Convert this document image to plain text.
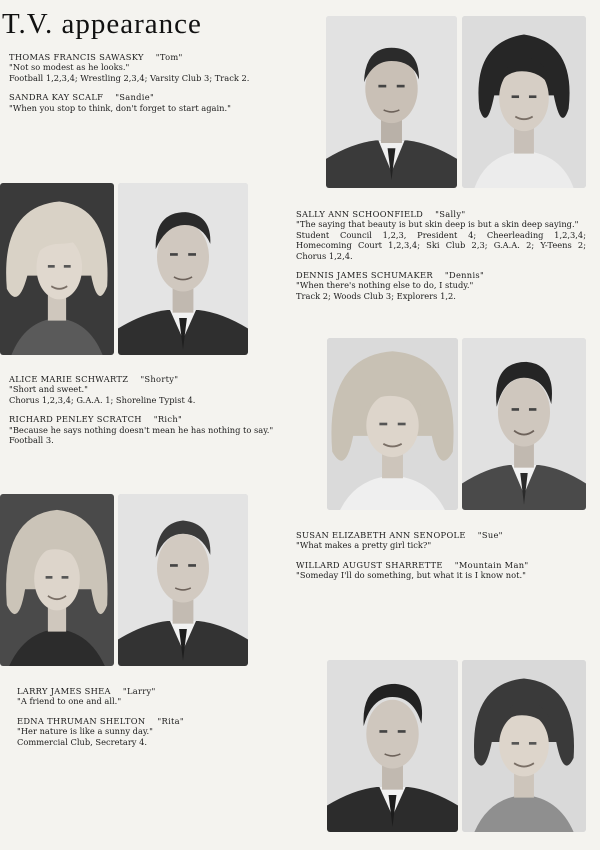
T.V. appearance

THOMAS FRANCIS SAWASKY "Tom"

"Not so modest as he looks."

Football 1,2,3,4; Wrestling 2,3,4; Varsity Club 3; Track 2.

SANDRA KAY SCALF "Sandie"

"When you stop to think, don't forget to start again."

SALLY ANN SCHOONFIELD "Sally"

"The saying that beauty is but skin deep is but a skin deep saying."

Student Council 1,2,3, President 4; Cheerleading 1,2,3,4; Homecoming Court 1,2,3,4; Ski Club 2,3; G.A.A. 2; Y-Teens 2; Chorus 1,2,4.

DENNIS JAMES SCHUMAKER "Dennis"

"When there's nothing else to do, I study."

Track 2; Woods Club 3; Explorers 1,2.

ALICE MARIE SCHWARTZ "Shorty"

"Short and sweet."

Chorus 1,2,3,4; G.A.A. 1; Shoreline Typist 4.

RICHARD PENLEY SCRATCH "Rich"

"Because he says nothing doesn't mean he has nothing to say."

Football 3.

SUSAN ELIZABETH ANN SENOPOLE "Sue"

"What makes a pretty girl tick?"

WILLARD AUGUST SHARRETTE "Mountain Man"

"Someday I'll do something, but what it is I know not."

LARRY JAMES SHEA "Larry"

"A friend to one and all."

EDNA THRUMAN SHELTON "Rita"

"Her nature is like a sunny day."

Commercial Club, Secretary 4.
